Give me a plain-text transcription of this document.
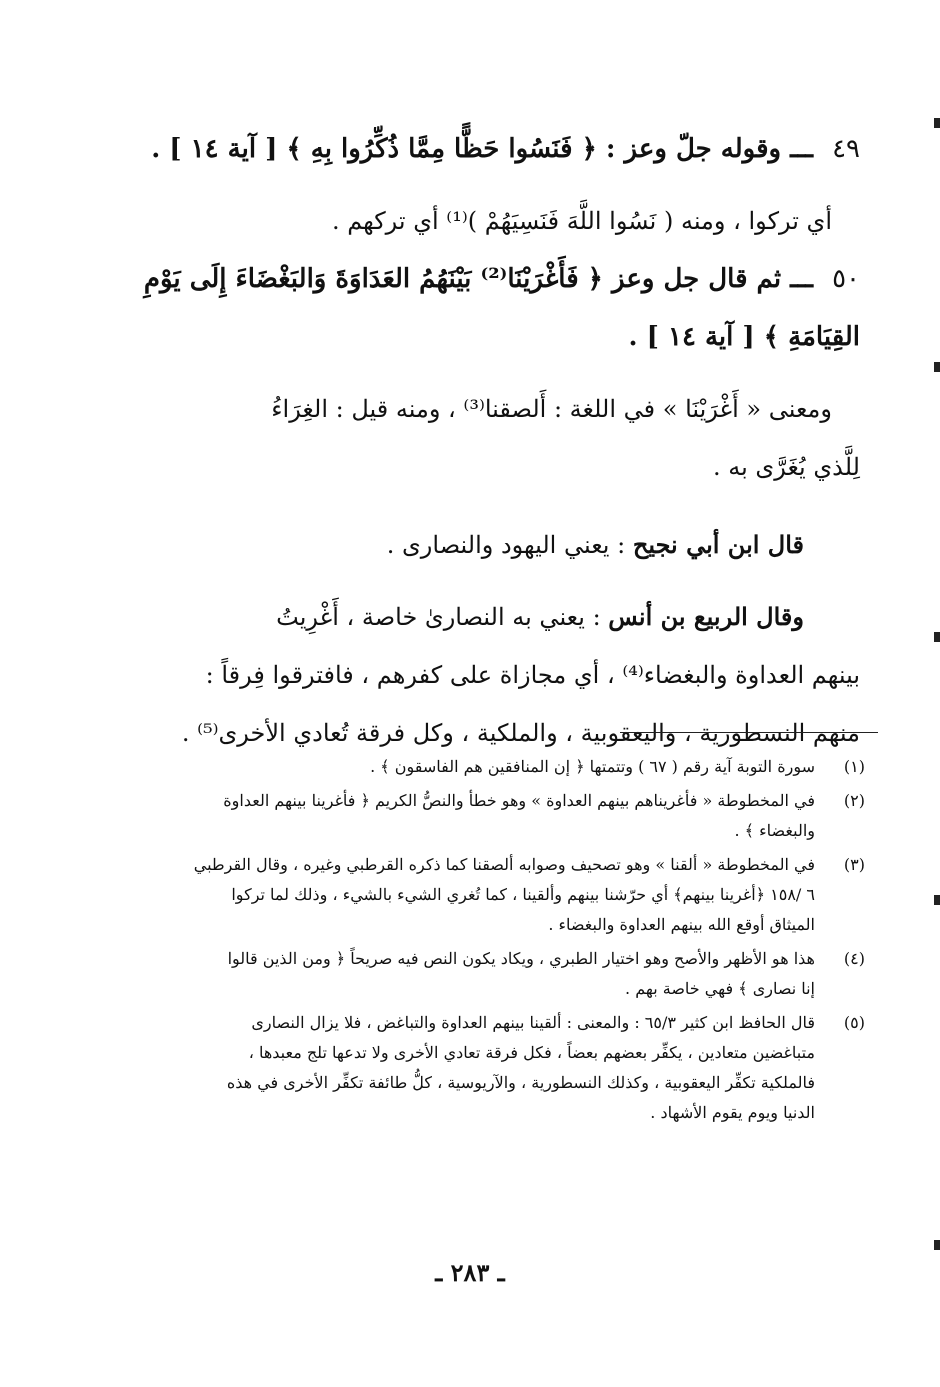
٤٩ ـــ وقوله جلّ وعز : ﴿ فَنَسُوا حَظًّا مِمَّا ذُكِّرُوا بِهِ ﴾ [ آية ١٤ ] .
أي تركوا ، ومنه ( نَسُوا اللَّهَ فَنَسِيَهُمْ )⁽¹⁾ أي تركهم .
٥٠ ـــ ثم قال جل وعز ﴿ فَأَغْرَيْنَا⁽²⁾ بَيْنَهُمُ العَدَاوَةَ وَالبَغْضَاءَ إِلَى يَوْمِ
القِيَامَةِ ﴾ [ آية ١٤ ] .
ومعنى « أَغْرَيْنَا » في اللغة : أَلصقنا⁽³⁾ ، ومنه قيل : الغِرَاءُ
لِلَّذي يُغَرَّى به .
قال ابن أبي نجيح : يعني اليهود والنصارى .
وقال الربيع بن أنس : يعني به النصارىٰ خاصة ، أَغْرِيتُ
بينهم العداوة والبغضاء⁽⁴⁾ ، أي مجازاة على كفرهم ، فافترقوا فِرقاً :
منهم النسطورية ، واليعقوبية ، والملكية ، وكل فرقة تُعادي الأخرى⁽⁵⁾ .
(١)
سورة التوبة آية رقم ( ٦٧ ) وتتمتها ﴿ إن المنافقين هم الفاسقون ﴾ .
(٢)
في المخطوطة « فأغريناهم بينهم العداوة » وهو خطأ والنصُّ الكريم ﴿ فأغرينا بينهم العداوة
والبغضاء ﴾ .
(٣)
في المخطوطة « ألقنا » وهو تصحيف وصوابه ألصقنا كما ذكره القرطبي وغيره ، وقال القرطبي
٦ /١٥٨ ﴿أغرينا بينهم﴾ أي حرّشنا بينهم وألقينا ، كما تُغري الشيء بالشيء ، وذلك لما تركوا
الميثاق أوقع الله بينهم العداوة والبغضاء .
(٤)
هذا هو الأظهر والأصح وهو اختيار الطبري ، ويكاد يكون النص فيه صريحاً ﴿ ومن الذين قالوا
إنا نصارى ﴾ فهي خاصة بهم .
(٥)
قال الحافظ ابن كثير ٦٥/٣ : والمعنى : ألقينا بينهم العداوة والتباغض ، فلا يزال النصارى
متباغضين متعادين ، يكفِّر بعضهم بعضاً ، فكل فرقة تعادي الأخرى ولا تدعها تلج معبدها ،
فالملكية تكفِّر اليعقوبية ، وكذلك النسطورية ، والآريوسية ، كلُّ طائفة تكفِّر الأخرى في هذه
الدنيا ويوم يقوم الأشهاد .
ـ ٢٨٣ ـ
